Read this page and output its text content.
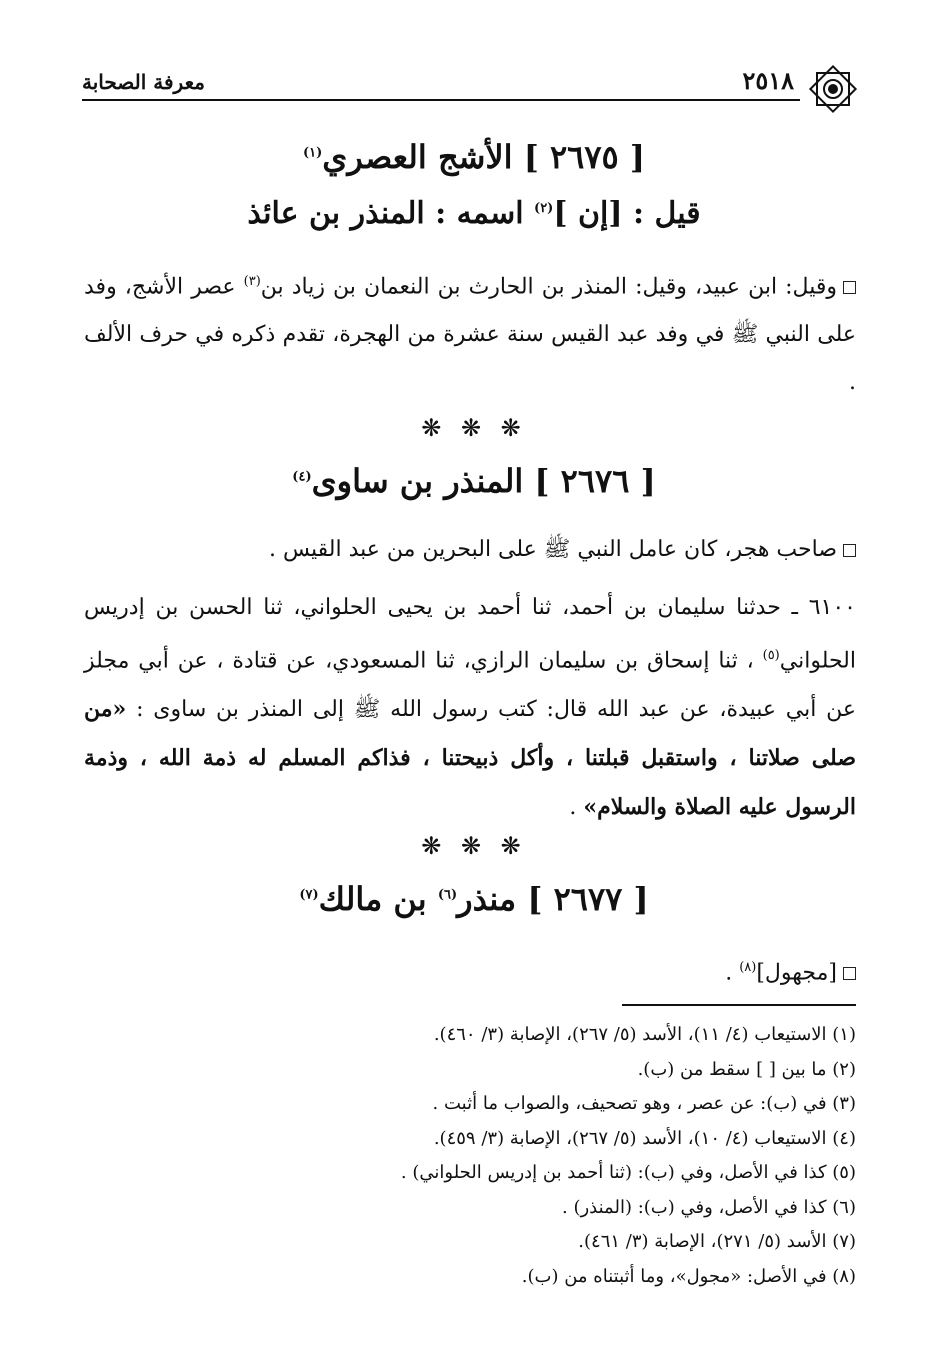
٢٥١٨
معرفة الصحابة
[ ٢٦٧٥ ] الأشج العصري$^{(١)}$
قيل : [إن ]$^{(٢)}$ اسمه : المنذر بن عائذ
وقيل: ابن عبيد، وقيل: المنذر بن الحارث بن النعمان بن زياد بن$^{(٣)}$ عصر الأشج، وفد على النبي ﷺ في وفد عبد القيس سنة عشرة من الهجرة، تقدم ذكره في حرف الألف .
❋ ❋ ❋
[ ٢٦٧٦ ] المنذر بن ساوى$^{(٤)}$
صاحب هجر، كان عامل النبي ﷺ على البحرين من عبد القيس .
٦١٠٠ ـ حدثنا سليمان بن أحمد، ثنا أحمد بن يحيى الحلواني، ثنا الحسن بن إدريس الحلواني$^{(٥)}$ ، ثنا إسحاق بن سليمان الرازي، ثنا المسعودي، عن قتادة ، عن أبي مجلز عن أبي عبيدة، عن عبد الله قال: كتب رسول الله ﷺ إلى المنذر بن ساوى : «من صلى صلاتنا ، واستقبل قبلتنا ، وأكل ذبيحتنا ، فذاكم المسلم له ذمة الله ، وذمة الرسول عليه الصلاة والسلام» .
❋ ❋ ❋
[ ٢٦٧٧ ] منذر$^{(٦)}$ بن مالك$^{(٧)}$
[مجهول]$^{(٨)}$ .
(١) الاستيعاب (٤/ ١١)، الأسد (٥/ ٢٦٧)، الإصابة (٣/ ٤٦٠).
(٢) ما بين [ ] سقط من (ب).
(٣) في (ب): عن عصر ، وهو تصحيف، والصواب ما أثبت .
(٤) الاستيعاب (٤/ ١٠)، الأسد (٥/ ٢٦٧)، الإصابة (٣/ ٤٥٩).
(٥) كذا في الأصل، وفي (ب): (ثنا أحمد بن إدريس الحلواني) .
(٦) كذا في الأصل، وفي (ب): (المنذر) .
(٧) الأسد (٥/ ٢٧١)، الإصابة (٣/ ٤٦١).
(٨) في الأصل: «مجول»، وما أثبتناه من (ب).
